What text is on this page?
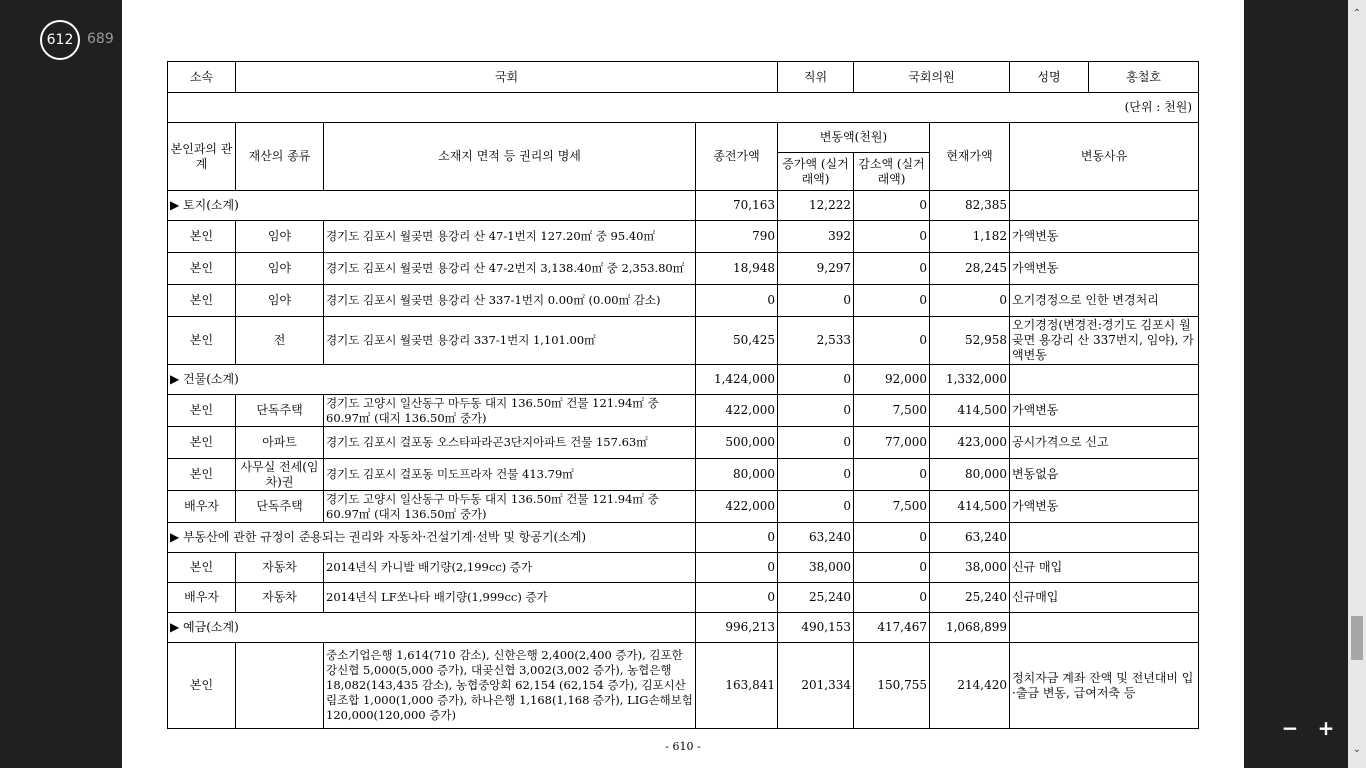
612 689
소속	국회			직위	국회의원		성명 홍철호

(단위 : 천원)							
본인과의 관계	재산의 종류	소재지 면적 등 권리의 명세	종전가액	변동액(천원)		현재가액	변동사유
				증가액 (실거래액)	감소액 (실거래액)		
▶ 토지(소계)			70,163	12,222	0	82,385	
본인	임야	경기도 김포시 월곶면 용강리 산 47-1번지 127.20㎡ 중 95.40㎡	790	392	0	1,182	가액변동
본인	임야	경기도 김포시 월곶면 용강리 산 47-2번지 3,138.40㎡ 중 2,353.80㎡	18,948	9,297	0	28,245	가액변동
본인	임야	경기도 김포시 월곶면 용강리 산 337-1번지 0.00㎡ (0.00㎡ 감소)	0	0	0	0	오기경정으로 인한 변경처리
본인	전	경기도 김포시 월곶면 용강리 337-1번지 1,101.00㎡	50,425	2,533	0	52,958	오기경정(변경전:경기도 김포시 월곶면 용강리 산 337번지, 임야), 가액변동
▶ 건물(소계)			1,424,000	0	92,000	1,332,000	
본인	단독주택	경기도 고양시 일산동구 마두동 대지 136.50㎡ 건물 121.94㎡ 중 60.97㎡ (대지 136.50㎡ 중가)	422,000	0	7,500	414,500	가액변동
본인	아파트	경기도 김포시 걸포동 오스타파라곤3단지아파트 건물 157.63㎡	500,000	0	77,000	423,000	공시가격으로 신고
본인	사무실 전세(임차)권	경기도 김포시 걸포동 미도프라자 건물 413.79㎡	80,000	0	0	80,000	변동없음
배우자	단독주택	경기도 고양시 일산동구 마두동 대지 136.50㎡ 건물 121.94㎡ 중 60.97㎡ (대지 136.50㎡ 중가)	422,000	0	7,500	414,500	가액변동
▶ 부동산에 관한 규정이 준용되는 권리와 자동차·건설기계·선박 및 항공기(소계)			0	63,240	0	63,240	
본인	자동차	2014년식 카니발 배기량(2,199cc) 증가	0	38,000	0	38,000	신규 매입
배우자	자동차	2014년식 LF쏘나타 배기량(1,999cc) 증가	0	25,240	0	25,240	신규매입
▶ 예금(소계)			996,213	490,153	417,467	1,068,899	
본인		중소기업은행 1,614(710 감소), 신한은행 2,400(2,400 증가), 김포한강신협 5,000(5,000 증가), 대곶신협 3,002(3,002 증가), 농협은행 18,082(143,435 감소), 농협중앙회 62,154 (62,154 증가), 김포시산림조합 1,000(1,000 증가), 하나은행 1,168(1,168 증가), LIG손해보험 120,000(120,000 증가)	163,841	201,334	150,755	214,420	정치자금 계좌 잔액 및 전년대비 입·출금 변동, 급여저축 등
- 610 -
− +
⌃
⌄
